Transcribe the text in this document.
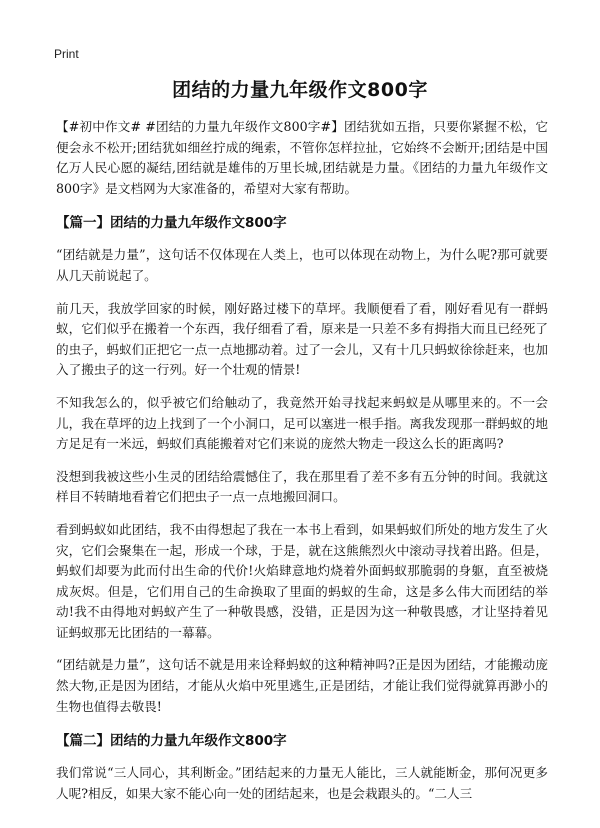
Print
团结的力量九年级作文800字

【#初中作文# #团结的力量九年级作文800字#】团结犹如五指，只要你紧握不松，它便会永不松开;团结犹如细丝拧成的绳索，不管你怎样拉扯，它始终不会断开;团结是中国亿万人民心愿的凝结,团结就是雄伟的万里长城,团结就是力量。《团结的力量九年级作文800字》是文档网为大家准备的，希望对大家有帮助。

【篇一】团结的力量九年级作文800字

“团结就是力量”，这句话不仅体现在人类上，也可以体现在动物上，为什么呢?那可就要从几天前说起了。

前几天，我放学回家的时候，刚好路过楼下的草坪。我顺便看了看，刚好看见有一群蚂蚁，它们似乎在搬着一个东西，我仔细看了看，原来是一只差不多有拇指大而且已经死了的虫子，蚂蚁们正把它一点一点地挪动着。过了一会儿，又有十几只蚂蚁徐徐赶来，也加入了搬虫子的这一行列。好一个壮观的情景!

不知我怎么的，似乎被它们给触动了，我竟然开始寻找起来蚂蚁是从哪里来的。不一会儿，我在草坪的边上找到了一个小洞口，足可以塞进一根手指。离我发现那一群蚂蚁的地方足足有一米远，蚂蚁们真能搬着对它们来说的庞然大物走一段这么长的距离吗?

没想到我被这些小生灵的团结给震憾住了，我在那里看了差不多有五分钟的时间。我就这样目不转睛地看着它们把虫子一点一点地搬回洞口。

看到蚂蚁如此团结，我不由得想起了我在一本书上看到，如果蚂蚁们所处的地方发生了火灾，它们会聚集在一起，形成一个球，于是，就在这熊熊烈火中滚动寻找着出路。但是，蚂蚁们却要为此而付出生命的代价!火焰肆意地灼烧着外面蚂蚁那脆弱的身躯，直至被烧成灰烬。但是，它们用自己的生命换取了里面的蚂蚁的生命，这是多么伟大而团结的举动!我不由得地对蚂蚁产生了一种敬畏感，没错，正是因为这一种敬畏感，才让坚持着见证蚂蚁那无比团结的一幕幕。

“团结就是力量”，这句话不就是用来诠释蚂蚁的这种精神吗?正是因为团结，才能搬动庞然大物,正是因为团结，才能从火焰中死里逃生,正是团结，才能让我们觉得就算再渺小的生物也值得去敬畏!

【篇二】团结的力量九年级作文800字

我们常说“三人同心，其利断金。”团结起来的力量无人能比，三人就能断金，那何况更多人呢?相反，如果大家不能心向一处的团结起来，也是会栽跟头的。“二人三
